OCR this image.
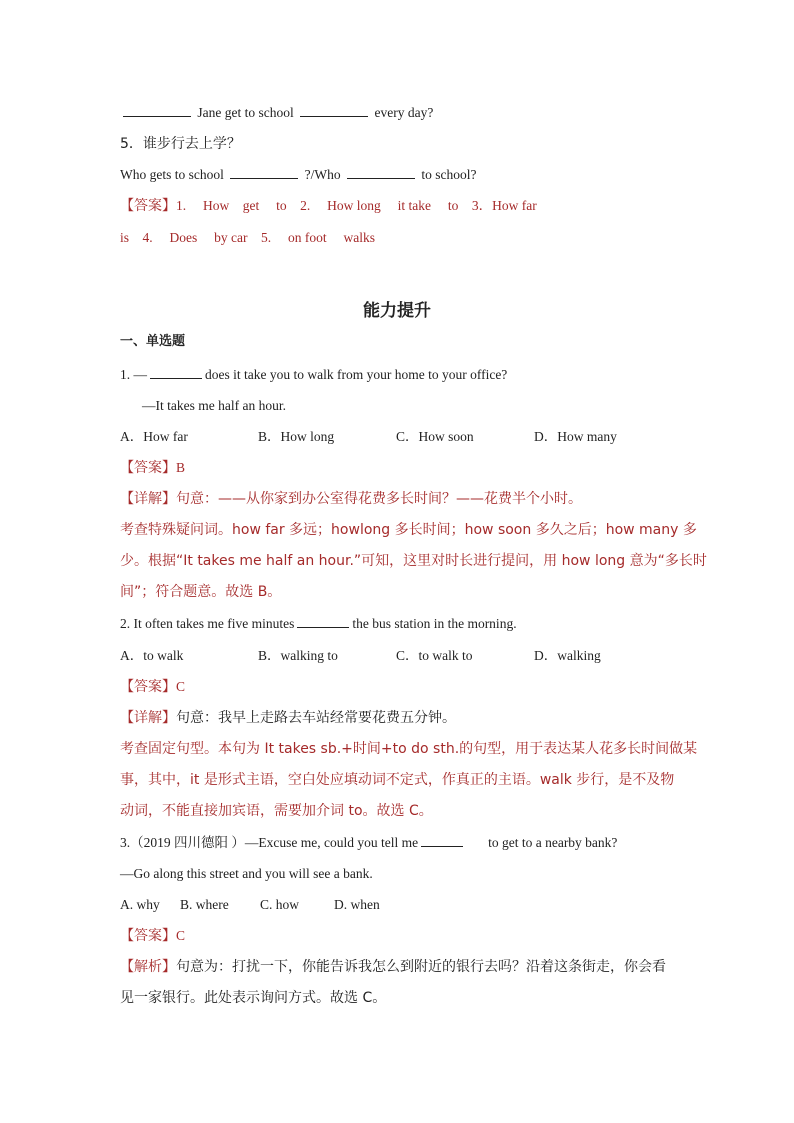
Jane get to school	every day?
5．谁步行去上学？
Who gets to school	?/Who	to school?
【答案】1.　 How　get　 to　2.　 How long　 it take　 to　3．How far
is　4.　 Does　 by car　5.　 on foot　 walks
能力提升
一、单选题
1. —	does it take you to walk from your home to your office?
—It takes me half an hour.
A．How far	B．How long	C．How soon	D．How many
【答案】B
【详解】句意：——从你家到办公室得花费多长时间？——花费半个小时。
考查特殊疑问词。how far 多远；howlong 多长时间；how soon 多久之后；how many 多
少。根据“It takes me half an hour.”可知，这里对时长进行提问，用 how long 意为“多长时
间”；符合题意。故选 B。
2. It often takes me five minutes	the bus station in the morning.
A．to walk	B．walking to	C．to walk to	D．walking
【答案】C
【详解】句意：我早上走路去车站经常要花费五分钟。
考查固定句型。本句为 It takes sb.+时间+to do sth.的句型，用于表达某人花多长时间做某
事，其中，it 是形式主语，空白处应填动词不定式，作真正的主语。walk 步行，是不及物
动词，不能直接加宾语，需要加介词 to。故选 C。
3.（2019 四川德阳 ）—Excuse me, could you tell me	to get to a nearby bank?
—Go along this street and you will see a bank.
A. why B. where C. how	D. when
【答案】C
【解析】句意为：打扰一下，你能告诉我怎么到附近的银行去吗？沿着这条街走，你会看
见一家银行。此处表示询问方式。故选 C。
